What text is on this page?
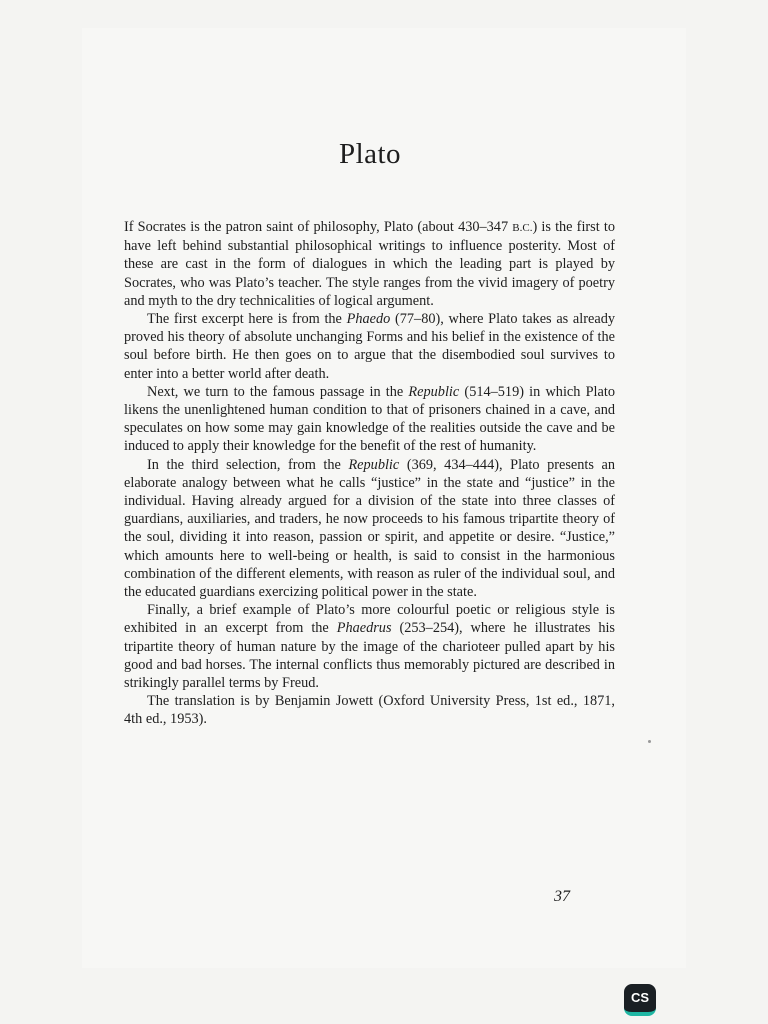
Plato

If Socrates is the patron saint of philosophy, Plato (about 430–347 B.C.) is the first to have left behind substantial philosophical writings to influence posterity. Most of these are cast in the form of dialogues in which the leading part is played by Socrates, who was Plato’s teacher. The style ranges from the vivid imagery of poetry and myth to the dry technicalities of logical argument.

The first excerpt here is from the Phaedo (77–80), where Plato takes as already proved his theory of absolute unchanging Forms and his belief in the existence of the soul before birth. He then goes on to argue that the disembodied soul survives to enter into a better world after death.

Next, we turn to the famous passage in the Republic (514–519) in which Plato likens the unenlightened human condition to that of prisoners chained in a cave, and speculates on how some may gain knowledge of the realities outside the cave and be induced to apply their knowledge for the benefit of the rest of humanity.

In the third selection, from the Republic (369, 434–444), Plato presents an elaborate analogy between what he calls “justice” in the state and “justice” in the individual. Having already argued for a division of the state into three classes of guardians, auxiliaries, and traders, he now proceeds to his famous tripartite theory of the soul, dividing it into reason, passion or spirit, and appetite or desire. “Justice,” which amounts here to well-being or health, is said to consist in the harmonious combination of the different elements, with reason as ruler of the individual soul, and the educated guardians exercizing political power in the state.

Finally, a brief example of Plato’s more colourful poetic or religious style is exhibited in an excerpt from the Phaedrus (253–254), where he illustrates his tripartite theory of human nature by the image of the charioteer pulled apart by his good and bad horses. The internal conflicts thus memorably pictured are described in strikingly parallel terms by Freud.

The translation is by Benjamin Jowett (Oxford University Press, 1st ed., 1871, 4th ed., 1953).

37
CS
